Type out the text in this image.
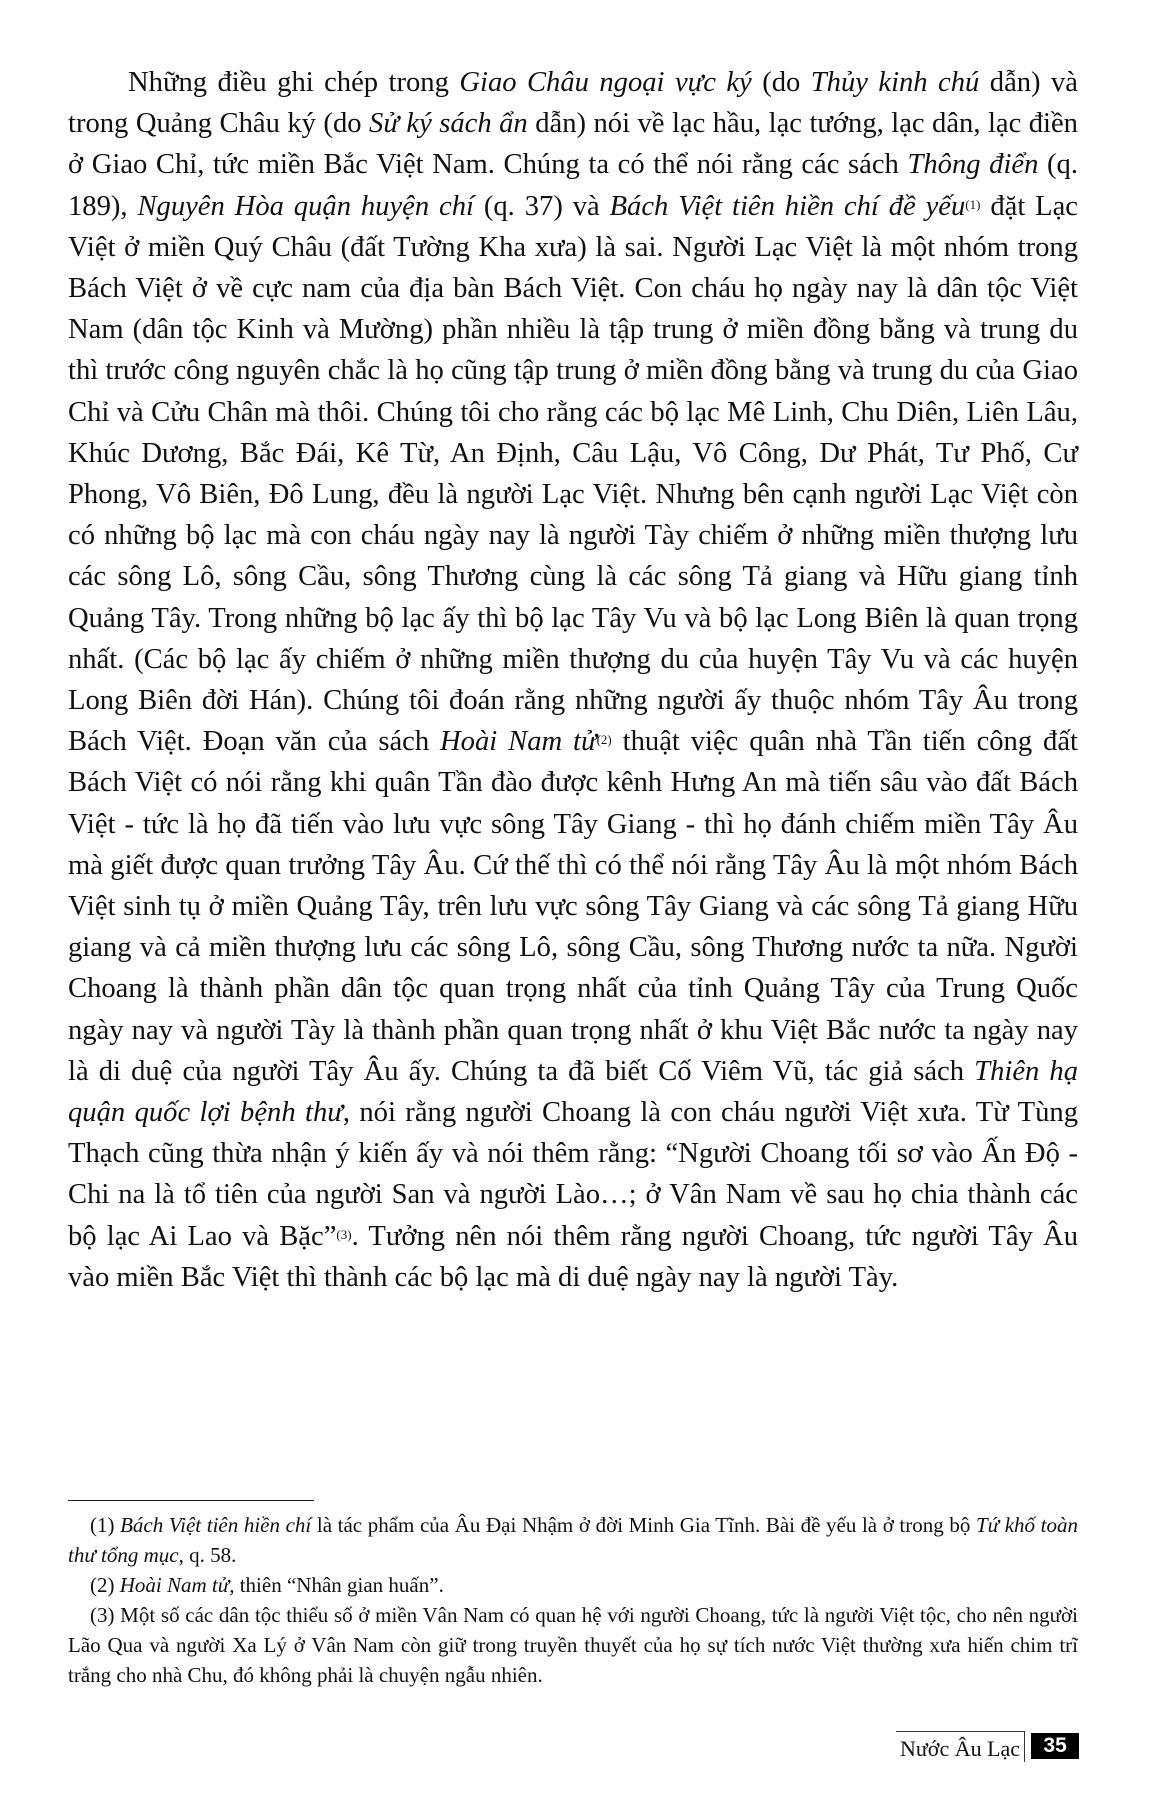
Những điều ghi chép trong Giao Châu ngoại vực ký (do Thủy kinh chú dẫn) và trong Quảng Châu ký (do Sử ký sách ẩn dẫn) nói về lạc hầu, lạc tướng, lạc dân, lạc điền ở Giao Chỉ, tức miền Bắc Việt Nam. Chúng ta có thể nói rằng các sách Thông điển (q. 189), Nguyên Hòa quận huyện chí (q. 37) và Bách Việt tiên hiền chí đề yếu$^{(1)}$ đặt Lạc Việt ở miền Quý Châu (đất Tường Kha xưa) là sai. Người Lạc Việt là một nhóm trong Bách Việt ở về cực nam của địa bàn Bách Việt. Con cháu họ ngày nay là dân tộc Việt Nam (dân tộc Kinh và Mường) phần nhiều là tập trung ở miền đồng bằng và trung du thì trước công nguyên chắc là họ cũng tập trung ở miền đồng bằng và trung du của Giao Chỉ và Cửu Chân mà thôi. Chúng tôi cho rằng các bộ lạc Mê Linh, Chu Diên, Liên Lâu, Khúc Dương, Bắc Đái, Kê Từ, An Định, Câu Lậu, Vô Công, Dư Phát, Tư Phố, Cư Phong, Vô Biên, Đô Lung, đều là người Lạc Việt. Nhưng bên cạnh người Lạc Việt còn có những bộ lạc mà con cháu ngày nay là người Tày chiếm ở những miền thượng lưu các sông Lô, sông Cầu, sông Thương cùng là các sông Tả giang và Hữu giang tỉnh Quảng Tây. Trong những bộ lạc ấy thì bộ lạc Tây Vu và bộ lạc Long Biên là quan trọng nhất. (Các bộ lạc ấy chiếm ở những miền thượng du của huyện Tây Vu và các huyện Long Biên đời Hán). Chúng tôi đoán rằng những người ấy thuộc nhóm Tây Âu trong Bách Việt. Đoạn văn của sách Hoài Nam tử$^{(2)}$ thuật việc quân nhà Tần tiến công đất Bách Việt có nói rằng khi quân Tần đào được kênh Hưng An mà tiến sâu vào đất Bách Việt - tức là họ đã tiến vào lưu vực sông Tây Giang - thì họ đánh chiếm miền Tây Âu mà giết được quan trưởng Tây Âu. Cứ thế thì có thể nói rằng Tây Âu là một nhóm Bách Việt sinh tụ ở miền Quảng Tây, trên lưu vực sông Tây Giang và các sông Tả giang Hữu giang và cả miền thượng lưu các sông Lô, sông Cầu, sông Thương nước ta nữa. Người Choang là thành phần dân tộc quan trọng nhất của tỉnh Quảng Tây của Trung Quốc ngày nay và người Tày là thành phần quan trọng nhất ở khu Việt Bắc nước ta ngày nay là di duệ của người Tây Âu ấy. Chúng ta đã biết Cố Viêm Vũ, tác giả sách Thiên hạ quận quốc lợi bệnh thư, nói rằng người Choang là con cháu người Việt xưa. Từ Tùng Thạch cũng thừa nhận ý kiến ấy và nói thêm rằng: “Người Choang tối sơ vào Ấn Độ - Chi na là tổ tiên của người San và người Lào…; ở Vân Nam về sau họ chia thành các bộ lạc Ai Lao và Bặc”$^{(3)}$. Tưởng nên nói thêm rằng người Choang, tức người Tây Âu vào miền Bắc Việt thì thành các bộ lạc mà di duệ ngày nay là người Tày.

(1) Bách Việt tiên hiền chí là tác phẩm của Âu Đại Nhậm ở đời Minh Gia Tĩnh. Bài đề yếu là ở trong bộ Tứ khố toàn thư tổng mục, q. 58.

(2) Hoài Nam tử, thiên “Nhân gian huấn”.

(3) Một số các dân tộc thiểu số ở miền Vân Nam có quan hệ với người Choang, tức là người Việt tộc, cho nên người Lão Qua và người Xa Lý ở Vân Nam còn giữ trong truyền thuyết của họ sự tích nước Việt thường xưa hiến chim trĩ trắng cho nhà Chu, đó không phải là chuyện ngẫu nhiên.

Nước Âu Lạc	35
